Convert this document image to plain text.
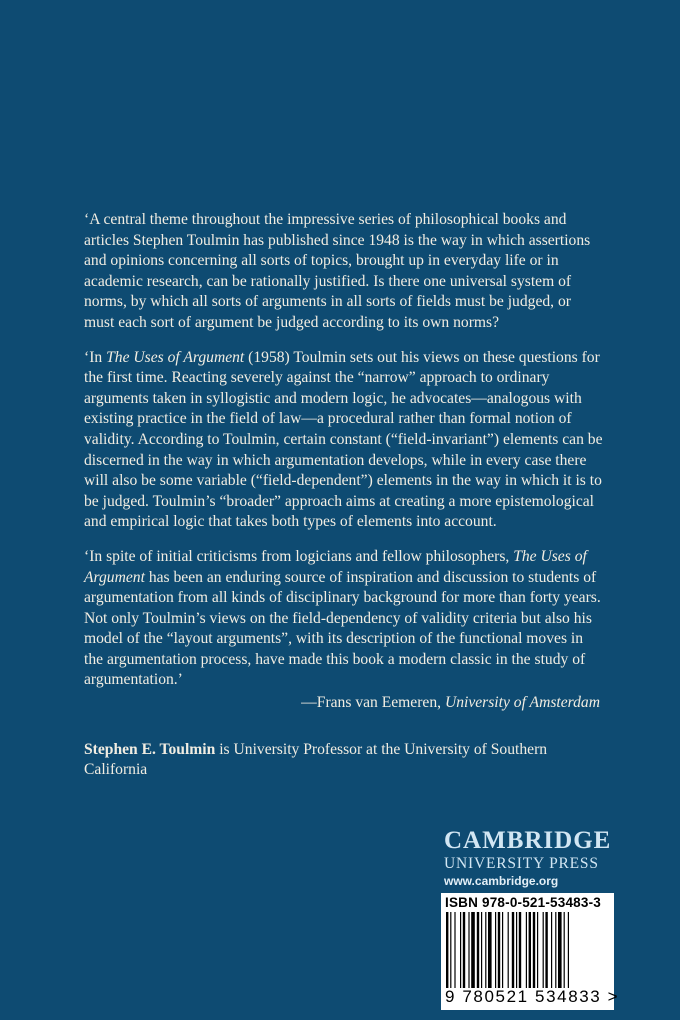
‘A central theme throughout the impressive series of philosophical books and articles Stephen Toulmin has published since 1948 is the way in which assertions and opinions concerning all sorts of topics, brought up in everyday life or in academic research, can be rationally justified. Is there one universal system of norms, by which all sorts of arguments in all sorts of fields must be judged, or must each sort of argument be judged according to its own norms?

‘In The Uses of Argument (1958) Toulmin sets out his views on these questions for the first time. Reacting severely against the “narrow” approach to ordinary arguments taken in syllogistic and modern logic, he advocates—analogous with existing practice in the field of law—a procedural rather than formal notion of validity. According to Toulmin, certain constant (“field-invariant”) elements can be discerned in the way in which argumentation develops, while in every case there will also be some variable (“field-dependent”) elements in the way in which it is to be judged. Toulmin’s “broader” approach aims at creating a more epistemological and empirical logic that takes both types of elements into account.

‘In spite of initial criticisms from logicians and fellow philosophers, The Uses of Argument has been an enduring source of inspiration and discussion to students of argumentation from all kinds of disciplinary background for more than forty years. Not only Toulmin’s views on the field-dependency of validity criteria but also his model of the “layout arguments”, with its description of the functional moves in the argumentation process, have made this book a modern classic in the study of argumentation.’

—Frans van Eemeren, University of Amsterdam

Stephen E. Toulmin is University Professor at the University of Southern California

CAMBRIDGE
UNIVERSITY PRESS
www.cambridge.org
ISBN 978-0-521-53483-3
9 780521 534833 >
